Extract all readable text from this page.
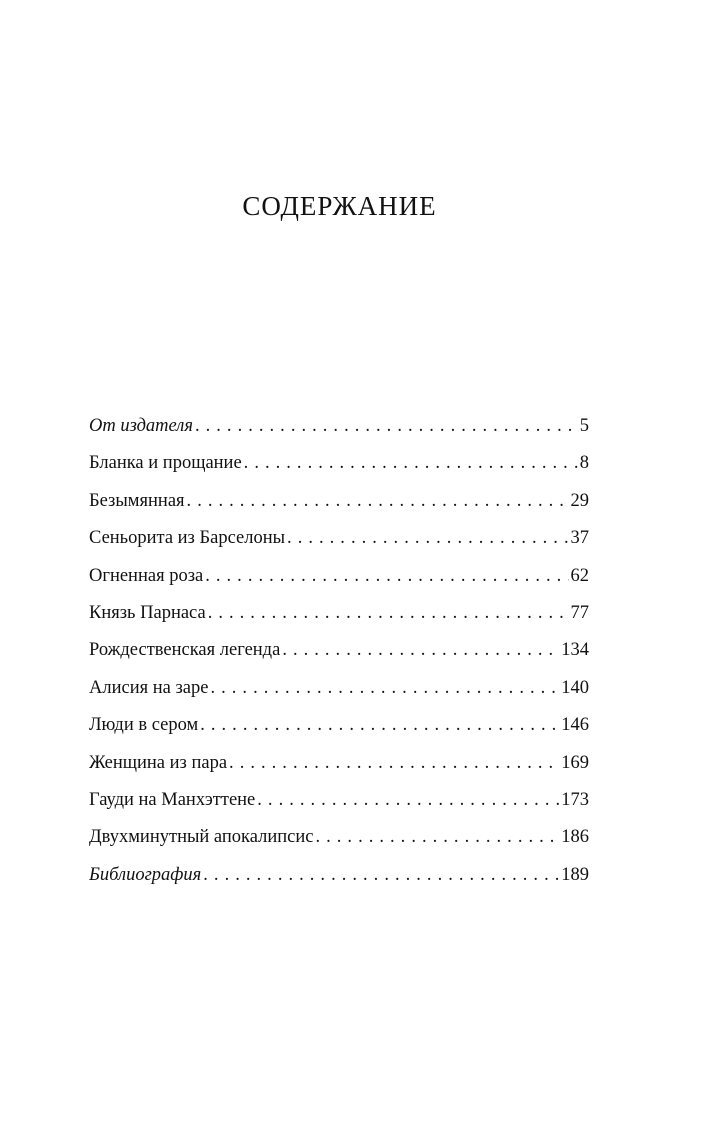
СОДЕРЖАНИЕ
От издателя . . .	5
Бланка и прощание . . .	8
Безымянная . . .	29
Сеньорита из Барселоны . . .	37
Огненная роза . . .	62
Князь Парнаса . . .	77
Рождественская легенда . . .	134
Алисия на заре . . .	140
Люди в сером . . .	146
Женщина из пара . . .	169
Гауди на Манхэттене . . .	173
Двухминутный апокалипсис . . .	186
Библиография . . .	189
